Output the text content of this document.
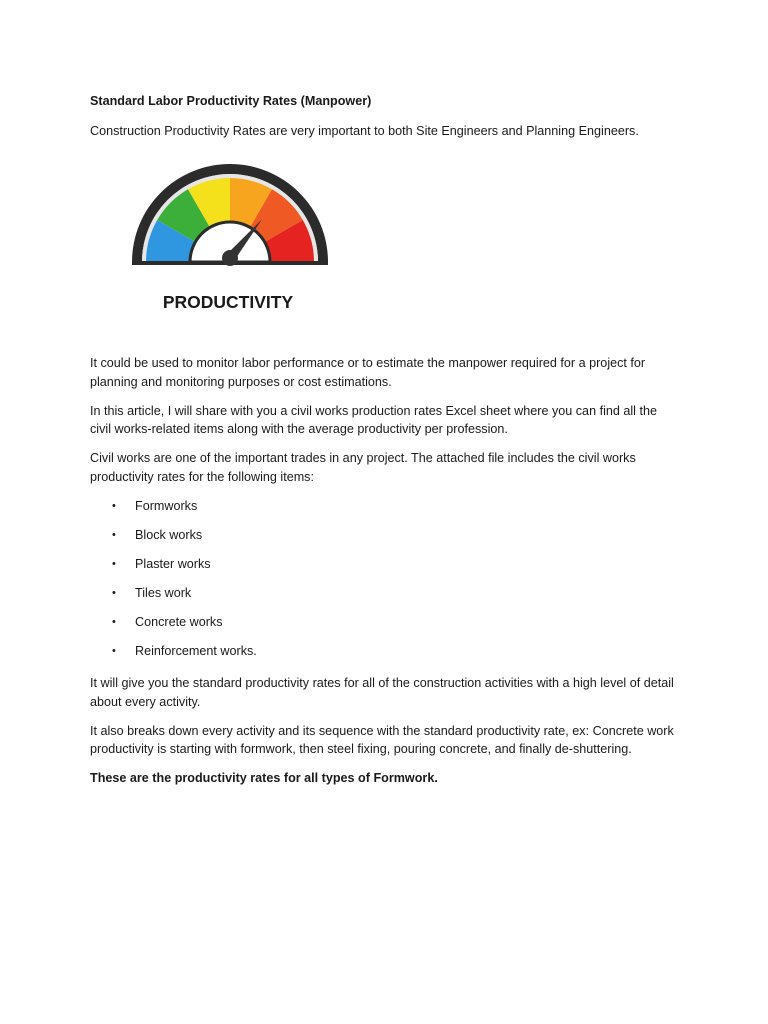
Standard Labor Productivity Rates (Manpower)

Construction Productivity Rates are very important to both Site Engineers and Planning Engineers.

PRODUCTIVITY

It could be used to monitor labor performance or to estimate the manpower required for a project for planning and monitoring purposes or cost estimations.

In this article, I will share with you a civil works production rates Excel sheet where you can find all the civil works-related items along with the average productivity per profession.

Civil works are one of the important trades in any project. The attached file includes the civil works productivity rates for the following items:

• Formworks
• Block works
• Plaster works
• Tiles work
• Concrete works
• Reinforcement works.

It will give you the standard productivity rates for all of the construction activities with a high level of detail about every activity.

It also breaks down every activity and its sequence with the standard productivity rate, ex: Concrete work productivity is starting with formwork, then steel fixing, pouring concrete, and finally de-shuttering.

These are the productivity rates for all types of Formwork.
